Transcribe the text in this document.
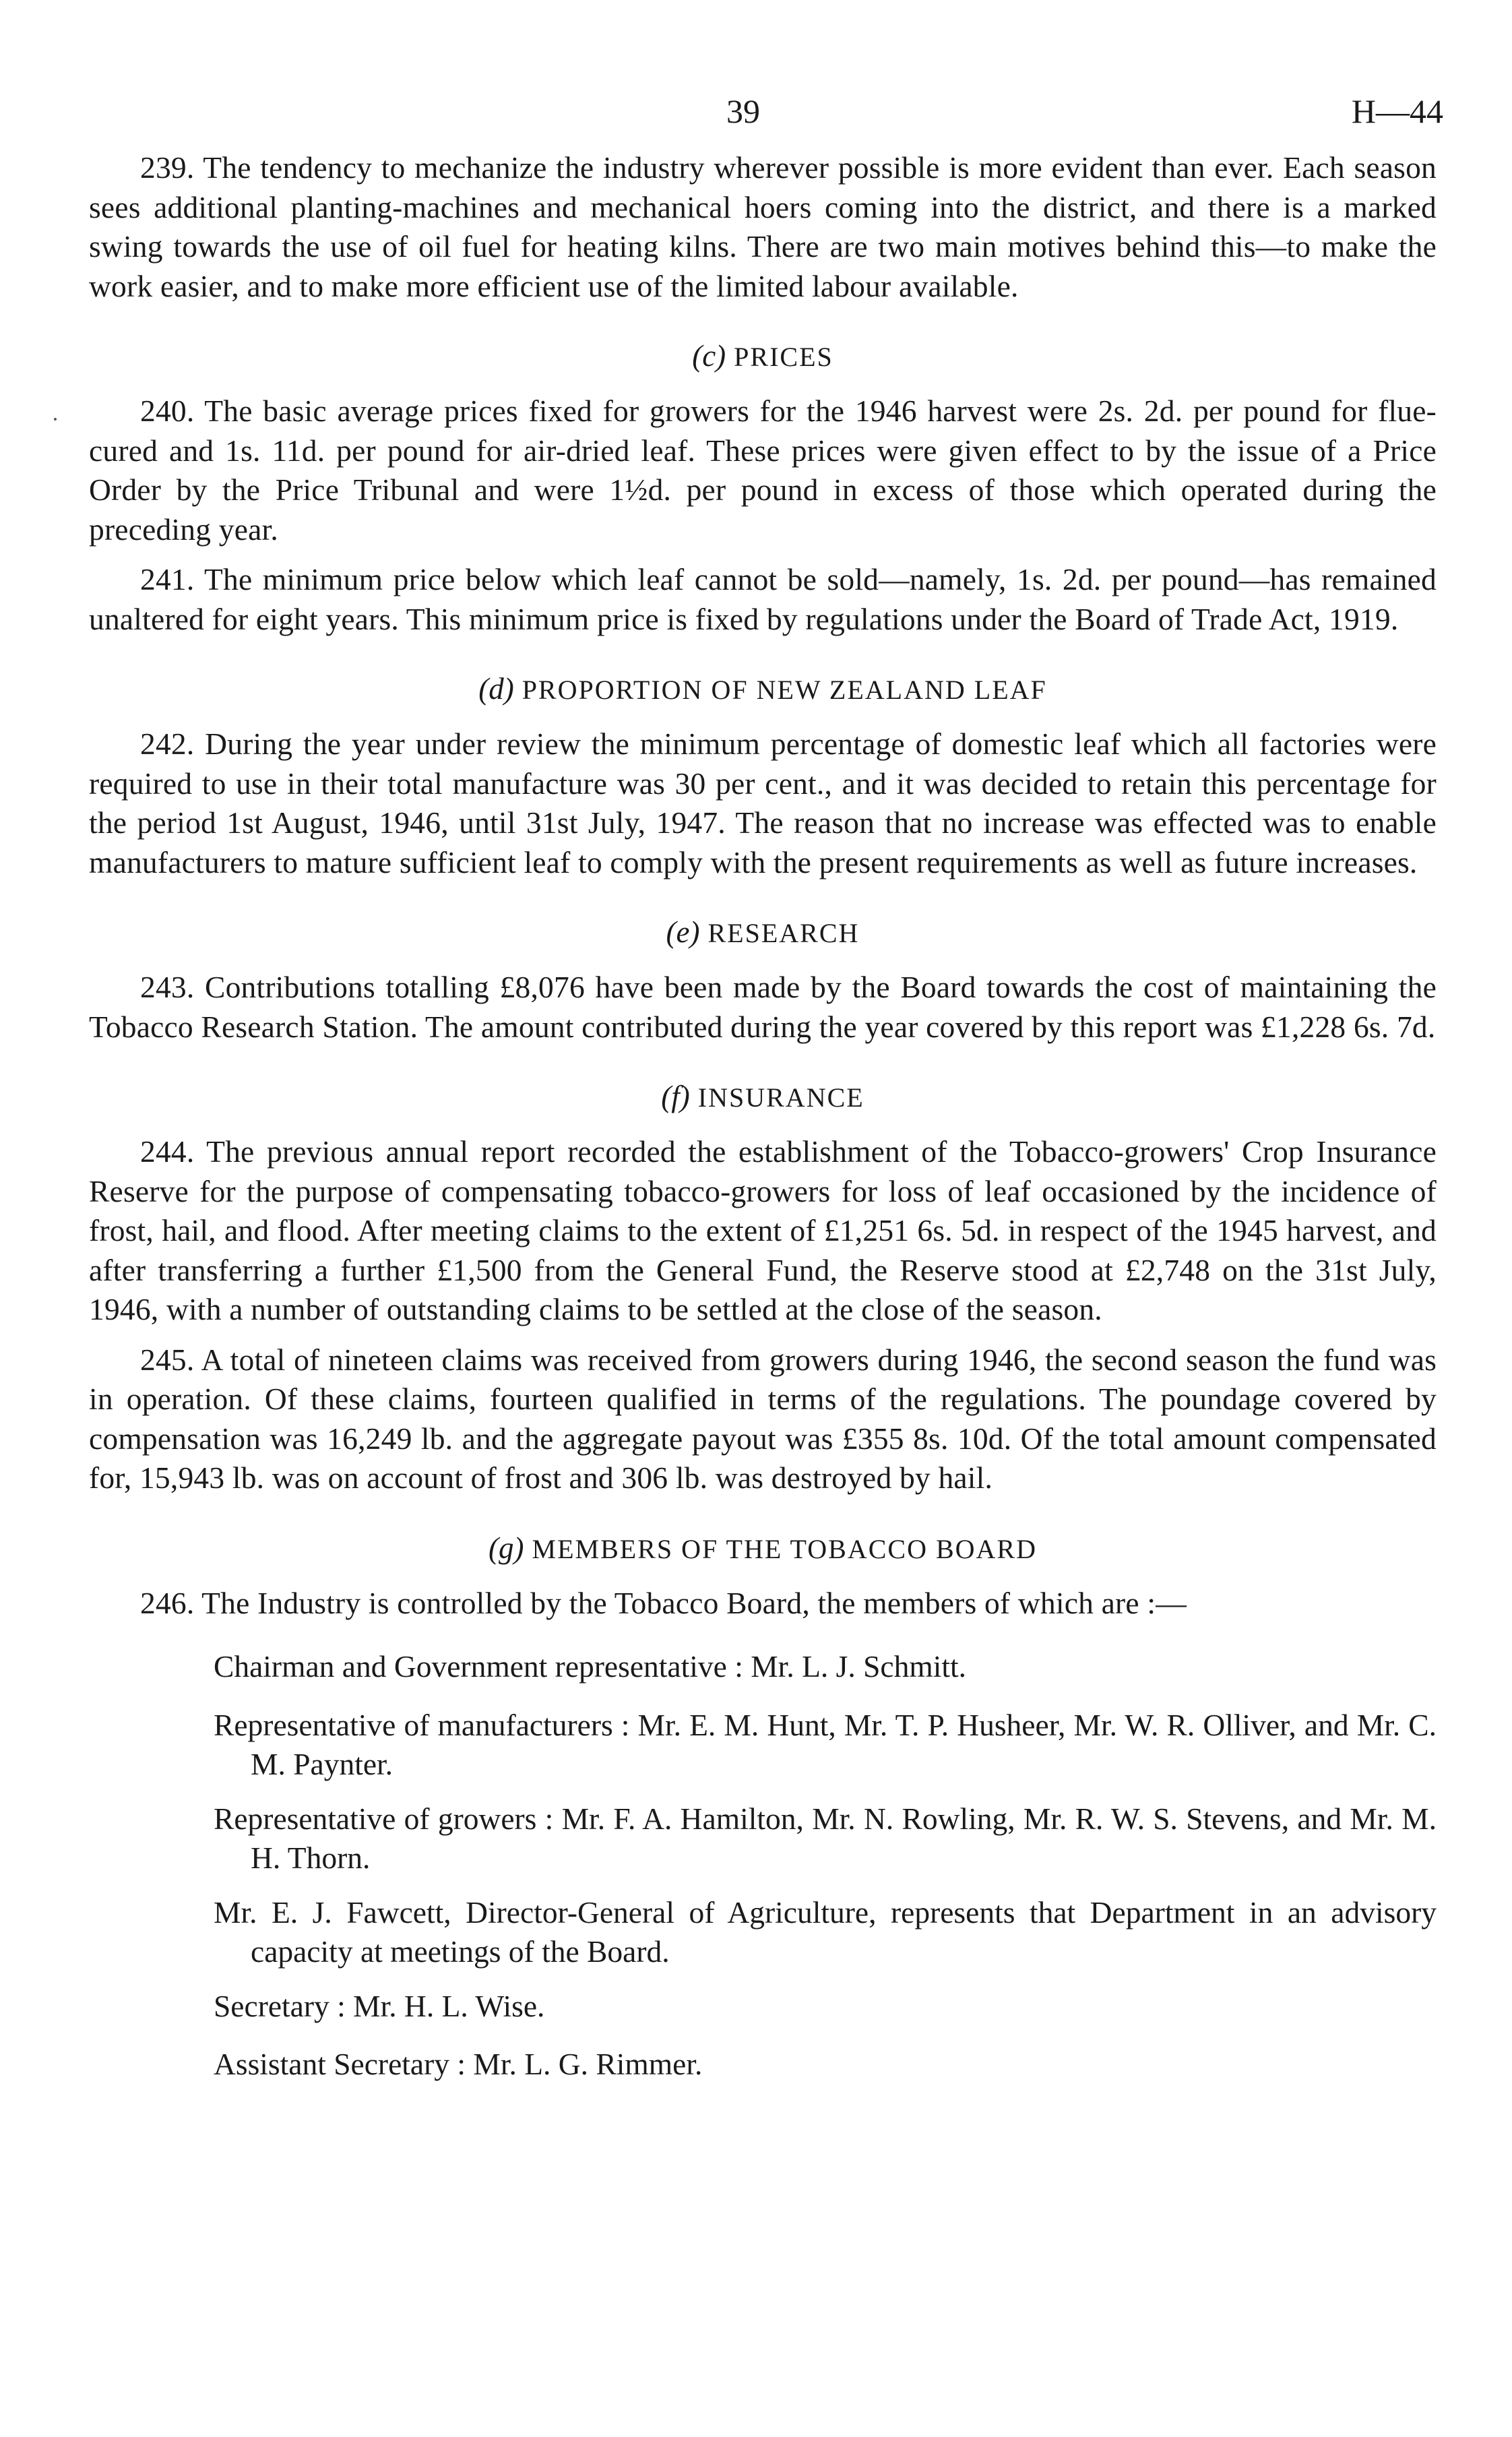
39	H—44

239. The tendency to mechanize the industry wherever possible is more evident than ever. Each season sees additional planting-machines and mechanical hoers coming into the district, and there is a marked swing towards the use of oil fuel for heating kilns. There are two main motives behind this—to make the work easier, and to make more efficient use of the limited labour available.

(c) PRICES

240. The basic average prices fixed for growers for the 1946 harvest were 2s. 2d. per pound for flue-cured and 1s. 11d. per pound for air-dried leaf. These prices were given effect to by the issue of a Price Order by the Price Tribunal and were 1½d. per pound in excess of those which operated during the preceding year.

241. The minimum price below which leaf cannot be sold—namely, 1s. 2d. per pound—has remained unaltered for eight years. This minimum price is fixed by regulations under the Board of Trade Act, 1919.

(d) PROPORTION OF NEW ZEALAND LEAF

242. During the year under review the minimum percentage of domestic leaf which all factories were required to use in their total manufacture was 30 per cent., and it was decided to retain this percentage for the period 1st August, 1946, until 31st July, 1947. The reason that no increase was effected was to enable manufacturers to mature sufficient leaf to comply with the present requirements as well as future increases.

(e) RESEARCH

243. Contributions totalling £8,076 have been made by the Board towards the cost of maintaining the Tobacco Research Station. The amount contributed during the year covered by this report was £1,228 6s. 7d.

(f) INSURANCE

244. The previous annual report recorded the establishment of the Tobacco-growers' Crop Insurance Reserve for the purpose of compensating tobacco-growers for loss of leaf occasioned by the incidence of frost, hail, and flood. After meeting claims to the extent of £1,251 6s. 5d. in respect of the 1945 harvest, and after transferring a further £1,500 from the General Fund, the Reserve stood at £2,748 on the 31st July, 1946, with a number of outstanding claims to be settled at the close of the season.

245. A total of nineteen claims was received from growers during 1946, the second season the fund was in operation. Of these claims, fourteen qualified in terms of the regulations. The poundage covered by compensation was 16,249 lb. and the aggregate payout was £355 8s. 10d. Of the total amount compensated for, 15,943 lb. was on account of frost and 306 lb. was destroyed by hail.

(g) MEMBERS OF THE TOBACCO BOARD

246. The Industry is controlled by the Tobacco Board, the members of which are :—

Chairman and Government representative : Mr. L. J. Schmitt.
Representative of manufacturers : Mr. E. M. Hunt, Mr. T. P. Husheer, Mr. W. R. Olliver, and Mr. C. M. Paynter.
Representative of growers : Mr. F. A. Hamilton, Mr. N. Rowling, Mr. R. W. S. Stevens, and Mr. M. H. Thorn.
Mr. E. J. Fawcett, Director-General of Agriculture, represents that Department in an advisory capacity at meetings of the Board.
Secretary : Mr. H. L. Wise.
Assistant Secretary : Mr. L. G. Rimmer.
